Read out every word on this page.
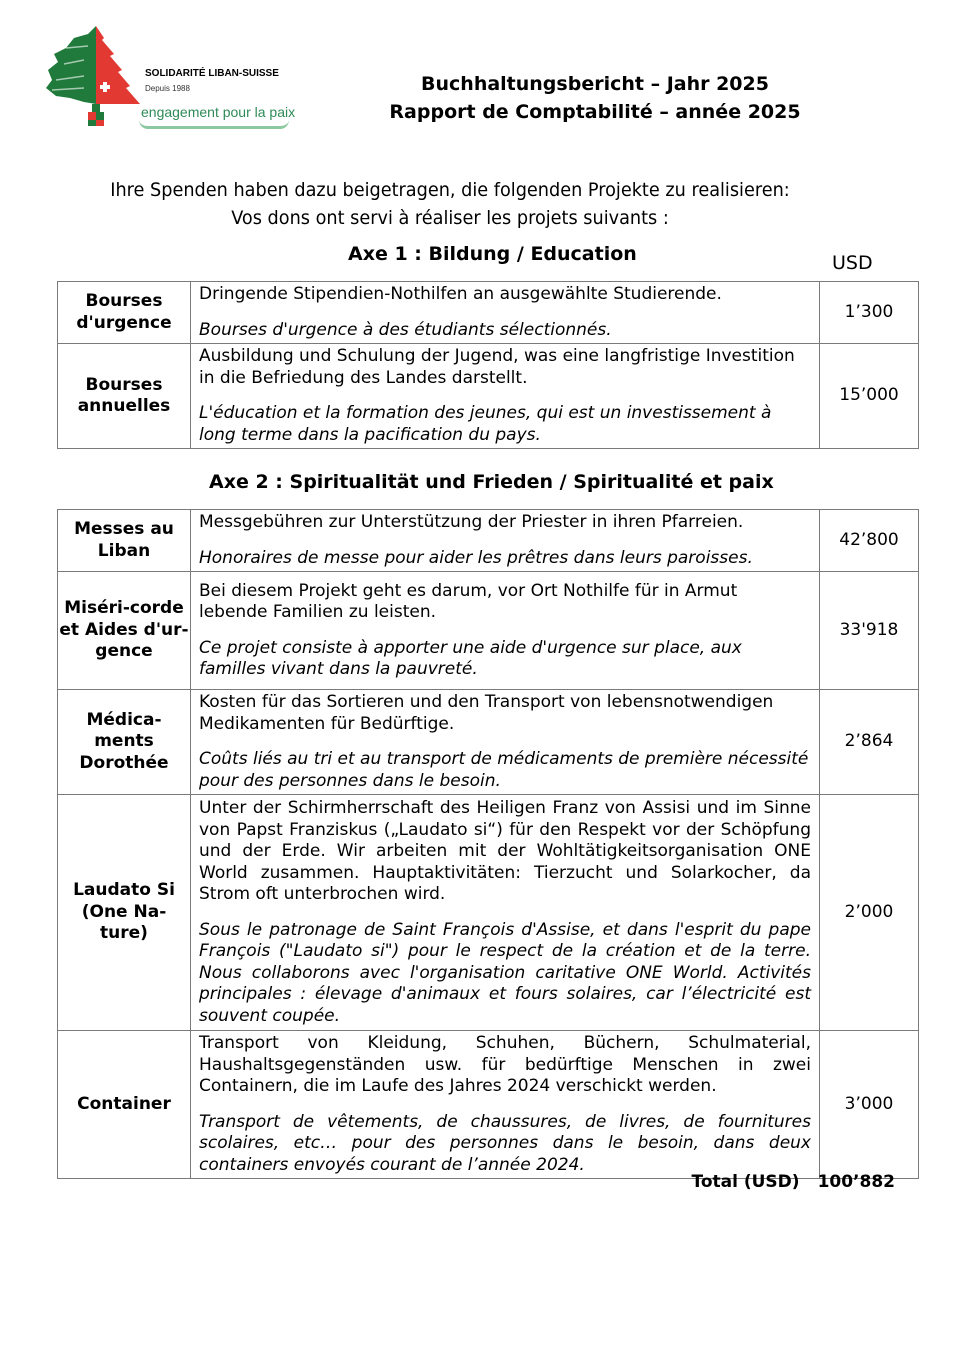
SOLIDARITÉ LIBAN-SUISSE
Depuis 1988
engagement pour la paix
Buchhaltungsbericht – Jahr 2025
Rapport de Comptabilité – année 2025
Ihre Spenden haben dazu beigetragen, die folgenden Projekte zu realisieren:
Vos dons ont servi à réaliser les projets suivants :
Axe 1 : Bildung / Education	USD
Bourses d'urgence	Dringende Stipendien-Nothilfen an ausgewählte Studierende.
Bourses d'urgence à des étudiants sélectionnés.	1’300
Bourses annuelles	Ausbildung und Schulung der Jugend, was eine langfristige Investition in die Befriedung des Landes darstellt.
L'éducation et la formation des jeunes, qui est un investissement à long terme dans la pacification du pays.	15’000
Axe 2 : Spiritualität und Frieden / Spiritualité et paix
Messes au Liban	Messgebühren zur Unterstützung der Priester in ihren Pfarreien.
Honoraires de messe pour aider les prêtres dans leurs paroisses.	42’800
Miséri-corde et Aides d'ur-gence	Bei diesem Projekt geht es darum, vor Ort Nothilfe für in Armut lebende Familien zu leisten.
Ce projet consiste à apporter une aide d'urgence sur place, aux familles vivant dans la pauvreté.	33'918
Médica-ments Dorothée	Kosten für das Sortieren und den Transport von lebensnotwendigen Medikamenten für Bedürftige.
Coûts liés au tri et au transport de médicaments de première nécessité pour des personnes dans le besoin.	2’864
Laudato Si (One Na-ture)	Unter der Schirmherrschaft des Heiligen Franz von Assisi und im Sinne von Papst Franziskus („Laudato si“) für den Respekt vor der Schöpfung und der Erde. Wir arbeiten mit der Wohltätigkeitsorganisation ONE World zusammen. Hauptaktivitäten: Tierzucht und Solarkocher, da Strom oft unterbrochen wird.
Sous le patronage de Saint François d'Assise, et dans l'esprit du pape François ("Laudato si") pour le respect de la création et de la terre. Nous collaborons avec l'organisation caritative ONE World. Activités principales : élevage d'animaux et fours solaires, car l’électricité est souvent coupée.	2’000
Container	Transport von Kleidung, Schuhen, Büchern, Schulmaterial, Haushaltsgegenständen usw. für bedürftige Menschen in zwei Containern, die im Laufe des Jahres 2024 verschickt werden.
Transport de vêtements, de chaussures, de livres, de fournitures scolaires, etc… pour des personnes dans le besoin, dans deux containers envoyés courant de l’année 2024.	3’000
Total (USD) 100’882
